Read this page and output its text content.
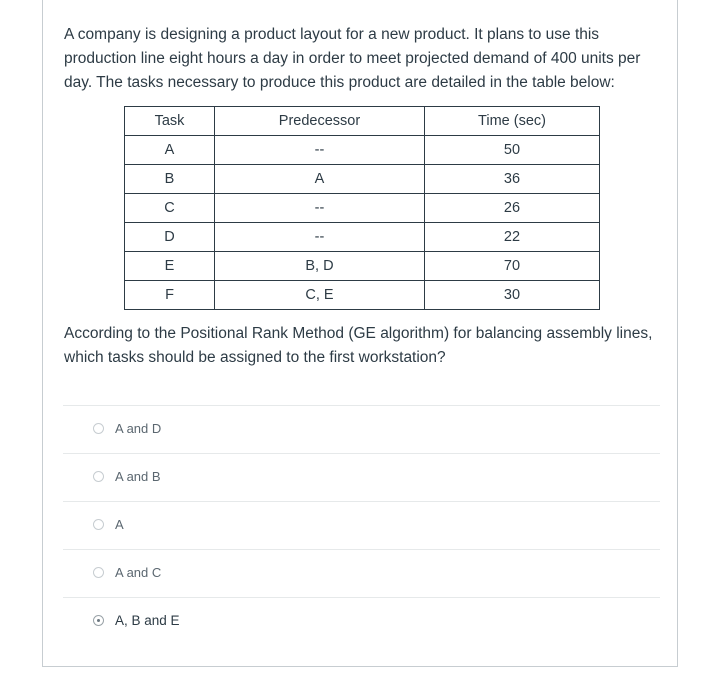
A company is designing a product layout for a new product. It plans to use this production line eight hours a day in order to meet projected demand of 400 units per day. The tasks necessary to produce this product are detailed in the table below:

Task	Predecessor	Time (sec)
A	--	50
B	A	36
C	--	26
D	--	22
E	B, D	70
F	C, E	30

According to the Positional Rank Method (GE algorithm) for balancing assembly lines, which tasks should be assigned to the first workstation?

A and D
A and B
A
A and C
A, B and E
